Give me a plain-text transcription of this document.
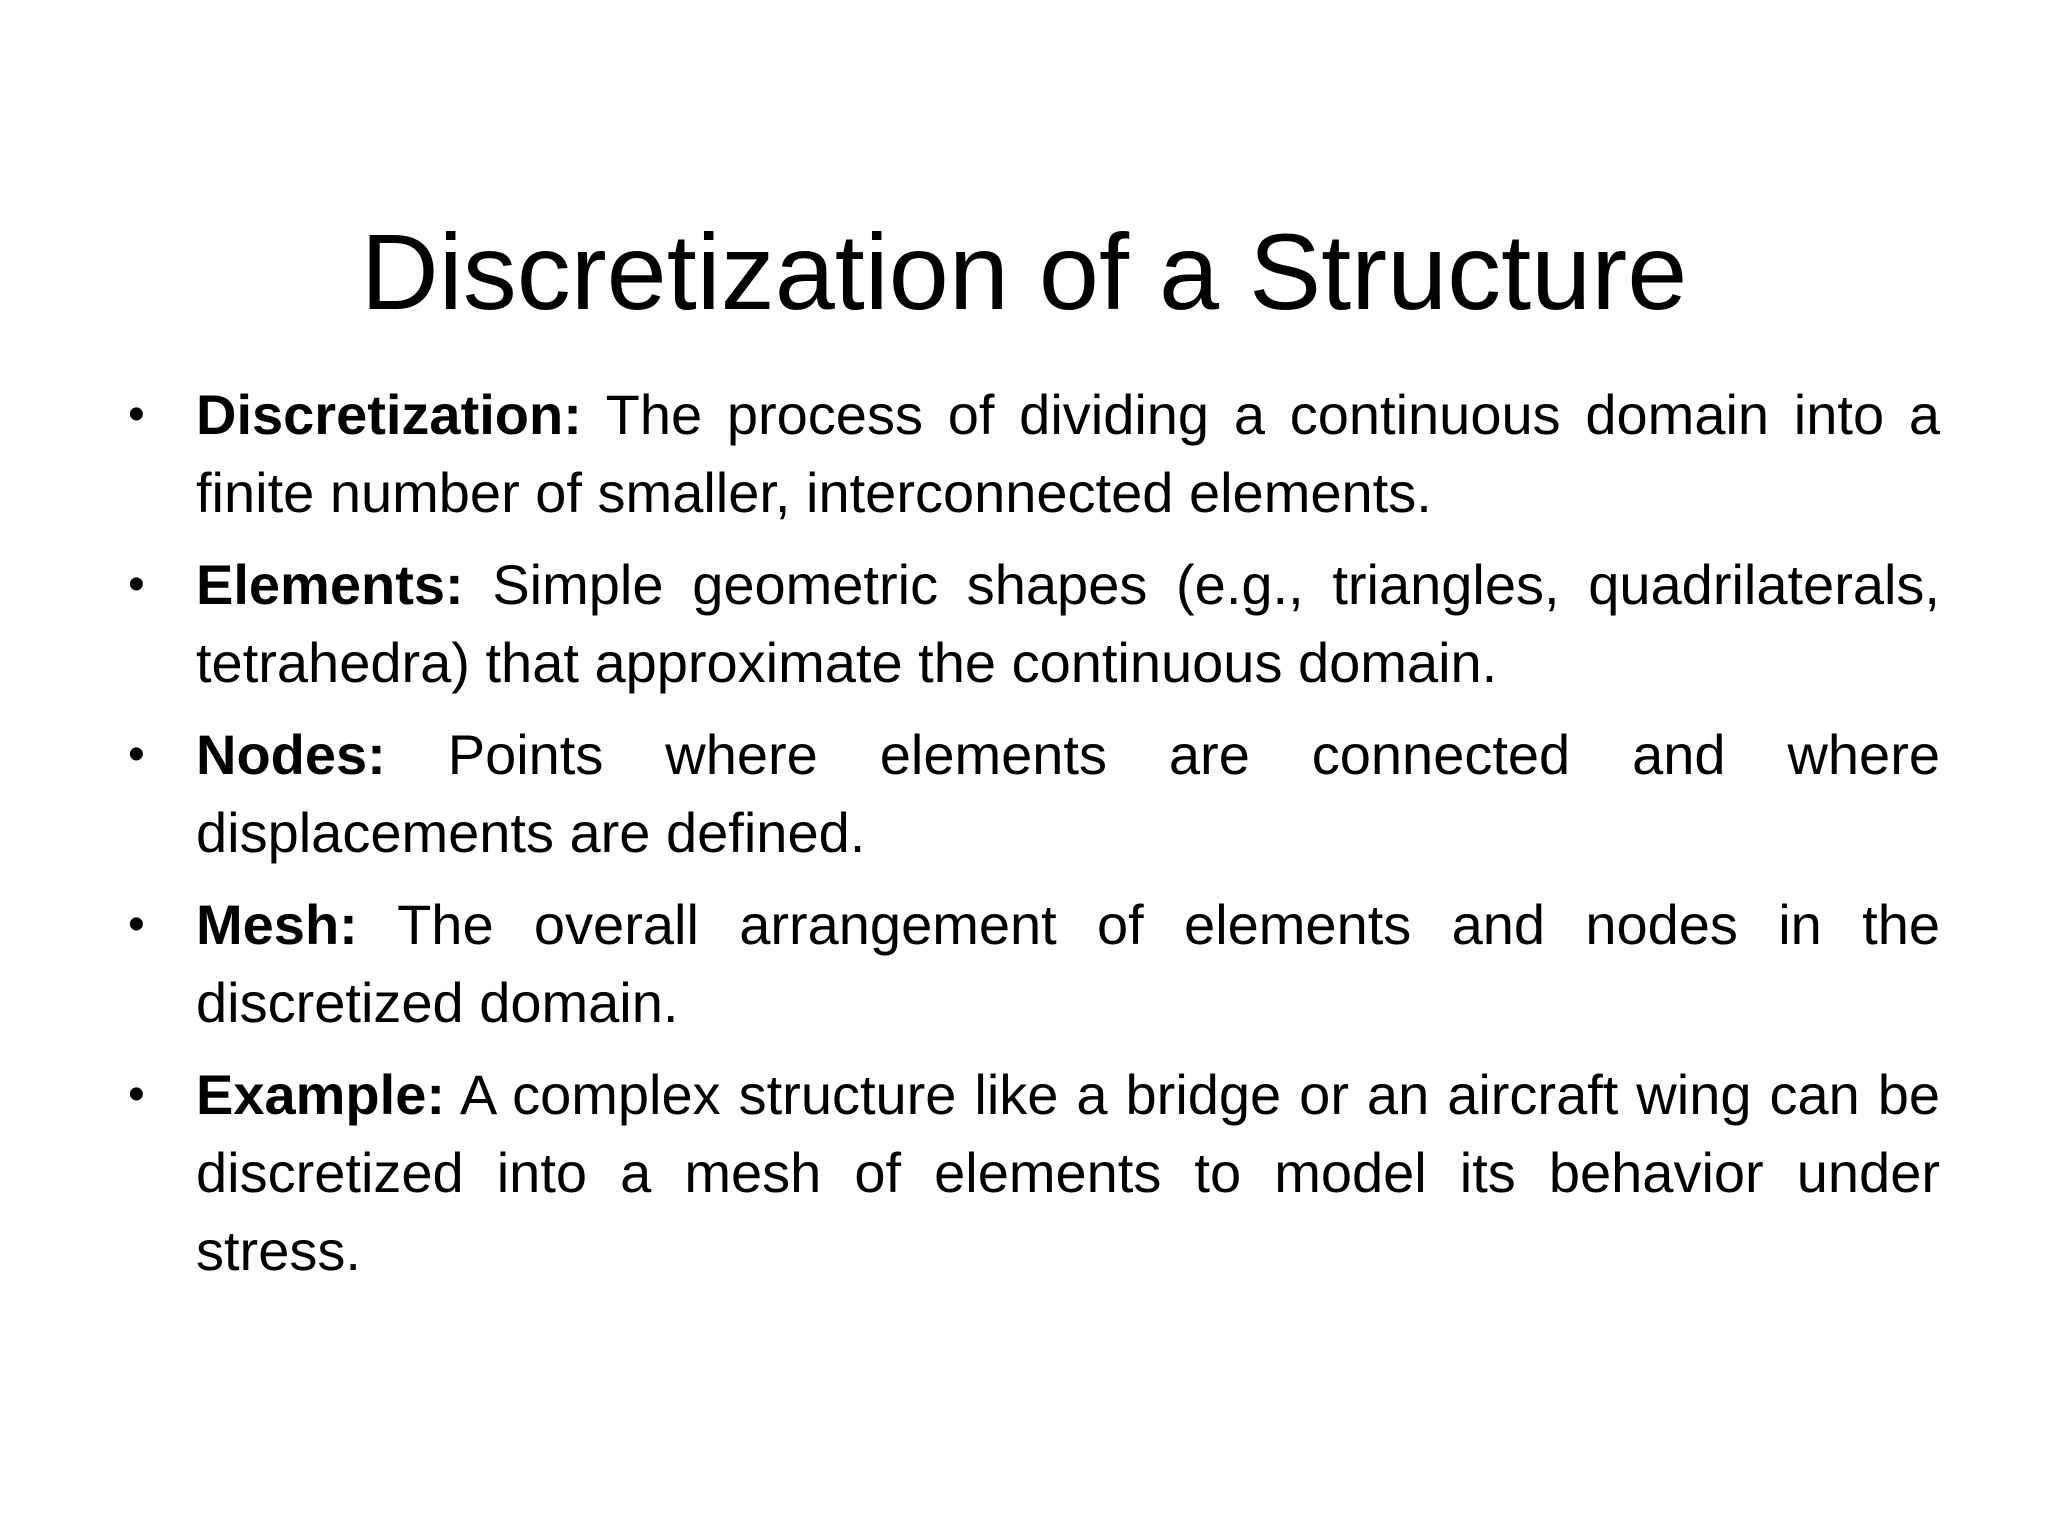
Discretization of a Structure
• Discretization: The process of dividing a continuous domain into a finite number of smaller, interconnected elements.
• Elements: Simple geometric shapes (e.g., triangles, quadrilaterals, tetrahedra) that approximate the continuous domain.
• Nodes: Points where elements are connected and where displacements are defined.
• Mesh: The overall arrangement of elements and nodes in the discretized domain.
• Example: A complex structure like a bridge or an aircraft wing can be discretized into a mesh of elements to model its behavior under stress.
